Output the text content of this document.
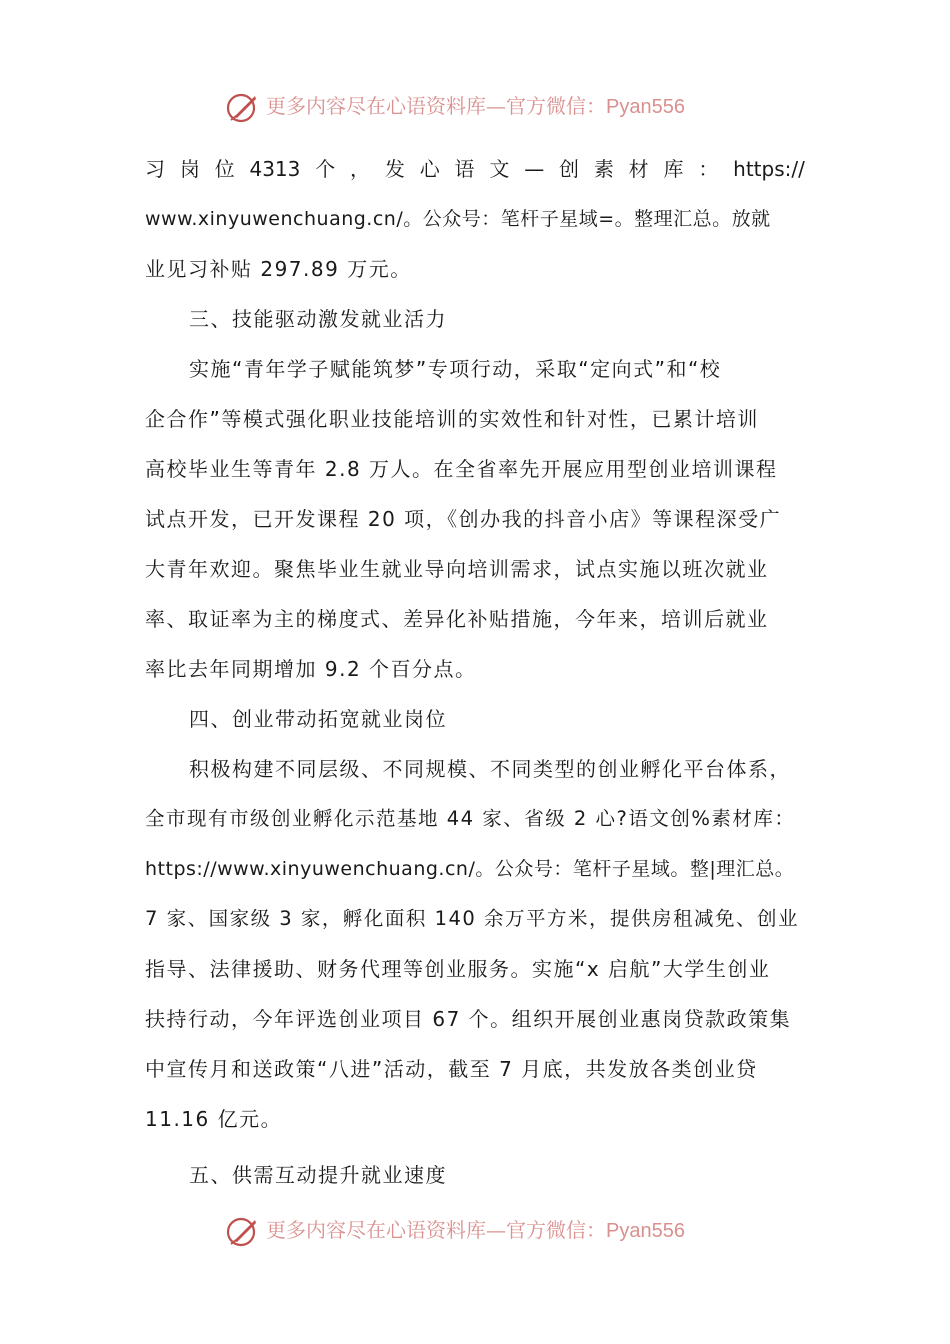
更多内容尽在心语资料库—官方微信：Pyan556
习 岗 位 4313 个 ， 发 心 语 文 — 创 素 材 库 ： https://
www.xinyuwenchuang.cn/。公众号：笔杆子星域=。整理汇总。放就
业见习补贴 297.89 万元。
三、技能驱动激发就业活力
实施“青年学子赋能筑梦”专项行动，采取“定向式”和“校
企合作”等模式强化职业技能培训的实效性和针对性，已累计培训
高校毕业生等青年 2.8 万人。在全省率先开展应用型创业培训课程
试点开发，已开发课程 20 项，《创办我的抖音小店》等课程深受广
大青年欢迎。聚焦毕业生就业导向培训需求，试点实施以班次就业
率、取证率为主的梯度式、差异化补贴措施，今年来，培训后就业
率比去年同期增加 9.2 个百分点。
四、创业带动拓宽就业岗位
积极构建不同层级、不同规模、不同类型的创业孵化平台体系，
全市现有市级创业孵化示范基地 44 家、省级 2 心?语文创%素材库：
https://www.xinyuwenchuang.cn/。公众号：笔杆子星域。整|理汇总。
7 家、国家级 3 家，孵化面积 140 余万平方米，提供房租减免、创业
指导、法律援助、财务代理等创业服务。实施“x 启航”大学生创业
扶持行动，今年评选创业项目 67 个。组织开展创业惠岗贷款政策集
中宣传月和送政策“八进”活动，截至 7 月底，共发放各类创业贷
11.16 亿元。
五、供需互动提升就业速度
更多内容尽在心语资料库—官方微信：Pyan556
